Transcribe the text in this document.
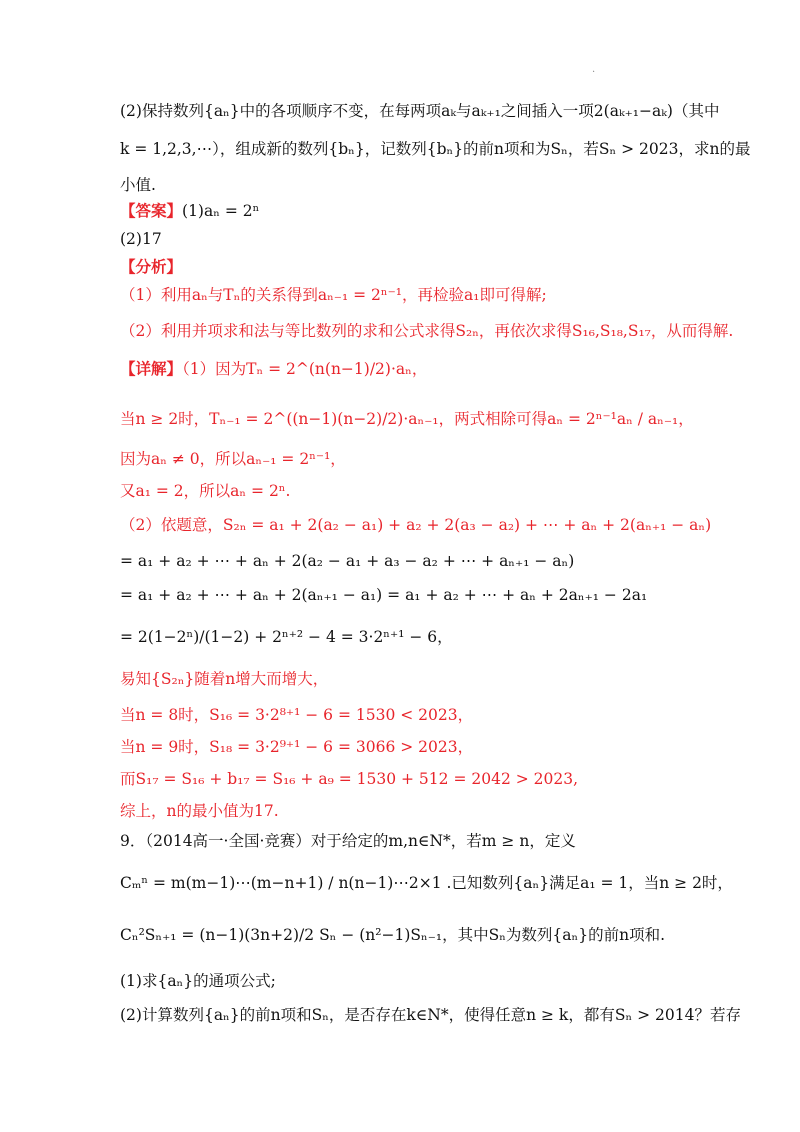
.
(2)保持数列{aₙ}中的各项顺序不变，在每两项aₖ与aₖ₊₁之间插入一项2(aₖ₊₁−aₖ)（其中
k = 1,2,3,⋯），组成新的数列{bₙ}，记数列{bₙ}的前n项和为Sₙ，若Sₙ > 2023，求n的最
小值.
【答案】(1)aₙ = 2ⁿ
(2)17
【分析】
（1）利用aₙ与Tₙ的关系得到aₙ₋₁ = 2ⁿ⁻¹，再检验a₁即可得解;
（2）利用并项求和法与等比数列的求和公式求得S₂ₙ，再依次求得S₁₆,S₁₈,S₁₇，从而得解.
【详解】（1）因为Tₙ = 2^(n(n−1)/2)·aₙ，
当n ≥ 2时，Tₙ₋₁ = 2^((n−1)(n−2)/2)·aₙ₋₁，两式相除可得aₙ = 2ⁿ⁻¹aₙ / aₙ₋₁，
因为aₙ ≠ 0，所以aₙ₋₁ = 2ⁿ⁻¹，
又a₁ = 2，所以aₙ = 2ⁿ.
（2）依题意，S₂ₙ = a₁ + 2(a₂ − a₁) + a₂ + 2(a₃ − a₂) + ⋯ + aₙ + 2(aₙ₊₁ − aₙ)
= a₁ + a₂ + ⋯ + aₙ + 2(a₂ − a₁ + a₃ − a₂ + ⋯ + aₙ₊₁ − aₙ)
= a₁ + a₂ + ⋯ + aₙ + 2(aₙ₊₁ − a₁) = a₁ + a₂ + ⋯ + aₙ + 2aₙ₊₁ − 2a₁
= 2(1−2ⁿ)/(1−2) + 2ⁿ⁺² − 4 = 3·2ⁿ⁺¹ − 6，
易知{S₂ₙ}随着n增大而增大，
当n = 8时，S₁₆ = 3·2⁸⁺¹ − 6 = 1530 < 2023，
当n = 9时，S₁₈ = 3·2⁹⁺¹ − 6 = 3066 > 2023，
而S₁₇ = S₁₆ + b₁₇ = S₁₆ + a₉ = 1530 + 512 = 2042 > 2023,
综上，n的最小值为17.
9．（2014高一·全国·竞赛）对于给定的m,n∈N*，若m ≥ n，定义
Cₘⁿ = m(m−1)⋯(m−n+1) / n(n−1)⋯2×1 .已知数列{aₙ}满足a₁ = 1，当n ≥ 2时，
Cₙ²Sₙ₊₁ = (n−1)(3n+2)/2 Sₙ − (n²−1)Sₙ₋₁，其中Sₙ为数列{aₙ}的前n项和.
(1)求{aₙ}的通项公式;
(2)计算数列{aₙ}的前n项和Sₙ，是否存在k∈N*，使得任意n ≥ k，都有Sₙ > 2014？若存
